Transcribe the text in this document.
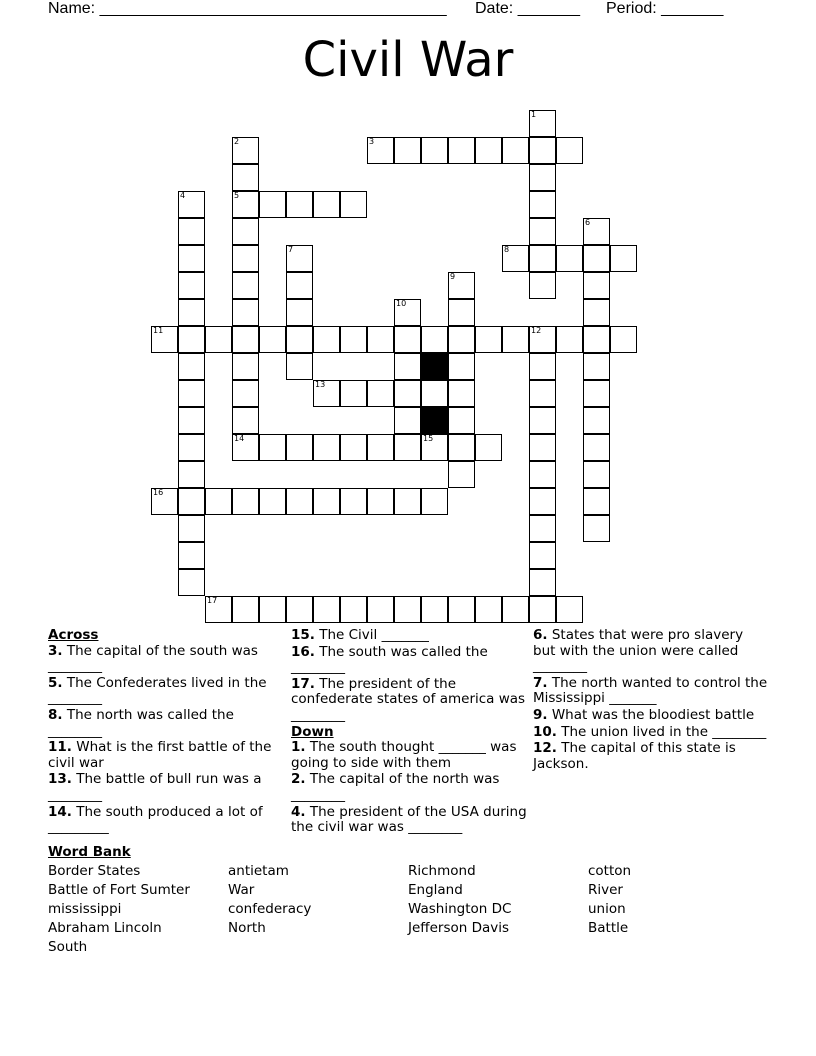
Name: _______________________________________ Date: _______ Period: _______
Civil War
1
2
5
14
3
4
6
7	8
9
10
11	12
13
15
16
17

Across

3. The capital of the south was ________
5. The Confederates lived in the ________
8. The north was called the ________
11. What is the first battle of the civil war
13. The battle of bull run was a ________
14. The south produced a lot of _________
15. The Civil _______
16. The south was called the ________
17. The president of the confederate states of america was ________

Down

1. The south thought _______ was going to side with them
2. The capital of the north was ________
4. The president of the USA during the civil war was ________
6. States that were pro slavery but with the union were called ________
7. The north wanted to control the Mississippi _______
9. What was the bloodiest battle
10. The union lived in the ________
12. The capital of this state is Jackson.
Word Bank
Border States
Battle of Fort Sumter
mississippi
Abraham Lincoln
South
antietam
War
confederacy
North
Richmond
England
Washington DC
Jefferson Davis
cotton
River
union
Battle
